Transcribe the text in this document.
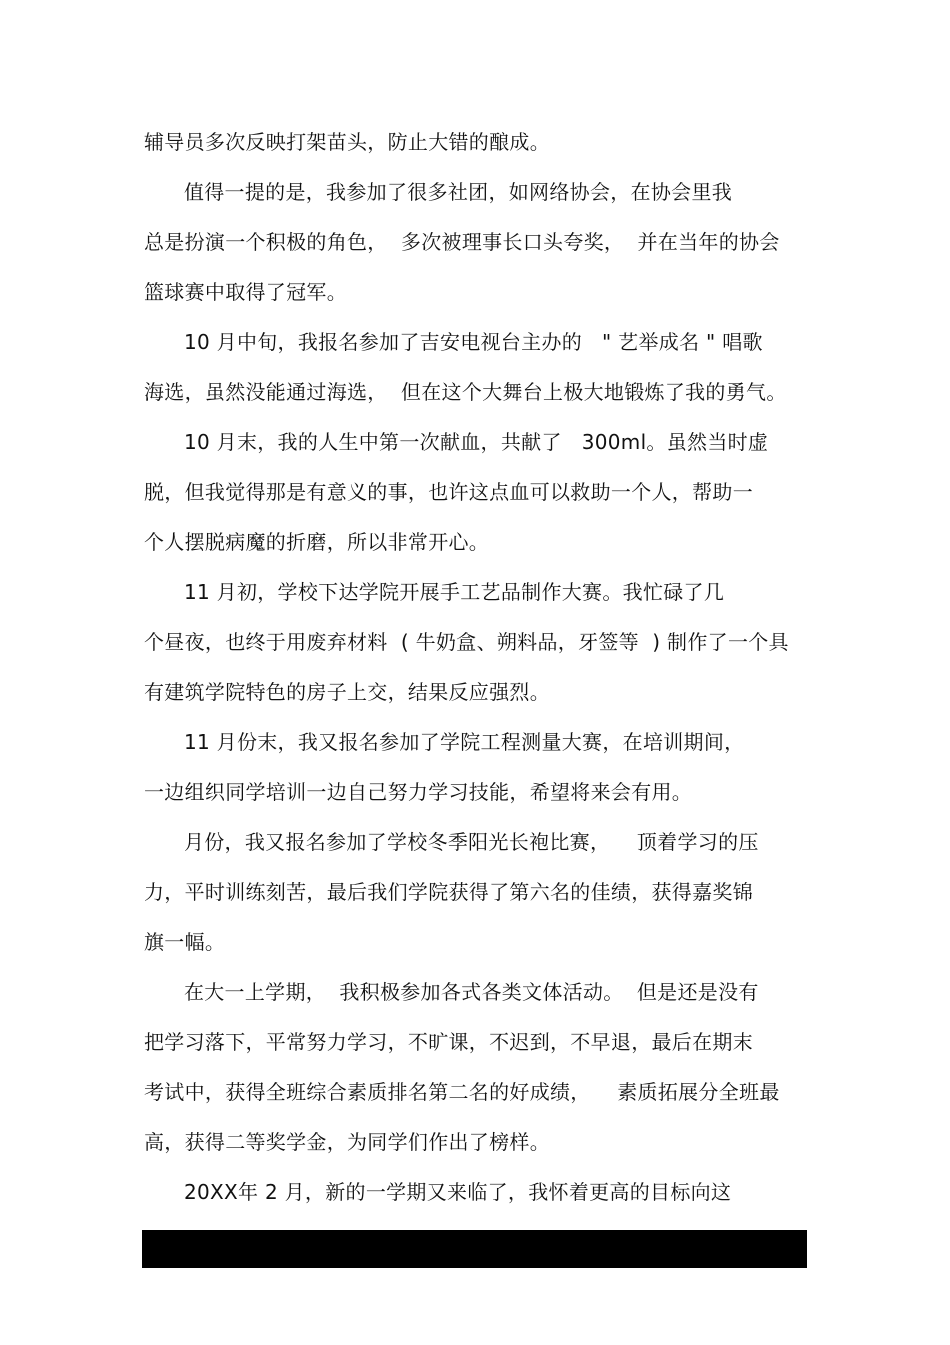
辅导员多次反映打架苗头，防止大错的酿成。
值得一提的是，我参加了很多社团，如网络协会，在协会里我
总是扮演一个积极的角色，  多次被理事长口头夸奖，  并在当年的协会
篮球赛中取得了冠军。
10 月中旬，我报名参加了吉安电视台主办的   " 艺举成名 " 唱歌
海选，虽然没能通过海选，  但在这个大舞台上极大地锻炼了我的勇气。
10 月末，我的人生中第一次献血，共献了   300ml。虽然当时虚
脱，但我觉得那是有意义的事，也许这点血可以救助一个人，帮助一
个人摆脱病魔的折磨，所以非常开心。
11 月初，学校下达学院开展手工艺品制作大赛。我忙碌了几
个昼夜，也终于用废弃材料  ( 牛奶盒、朔料品，牙签等  ) 制作了一个具
有建筑学院特色的房子上交，结果反应强烈。
11 月份末，我又报名参加了学院工程测量大赛，在培训期间，
一边组织同学培训一边自己努力学习技能，希望将来会有用。
月份，我又报名参加了学校冬季阳光长袍比赛，    顶着学习的压
力，平时训练刻苦，最后我们学院获得了第六名的佳绩，获得嘉奖锦
旗一幅。
在大一上学期，  我积极参加各式各类文体活动。  但是还是没有
把学习落下，平常努力学习，不旷课，不迟到，不早退，最后在期末
考试中，获得全班综合素质排名第二名的好成绩，    素质拓展分全班最
高，获得二等奖学金，为同学们作出了榜样。
20XX年 2 月，新的一学期又来临了，我怀着更高的目标向这
